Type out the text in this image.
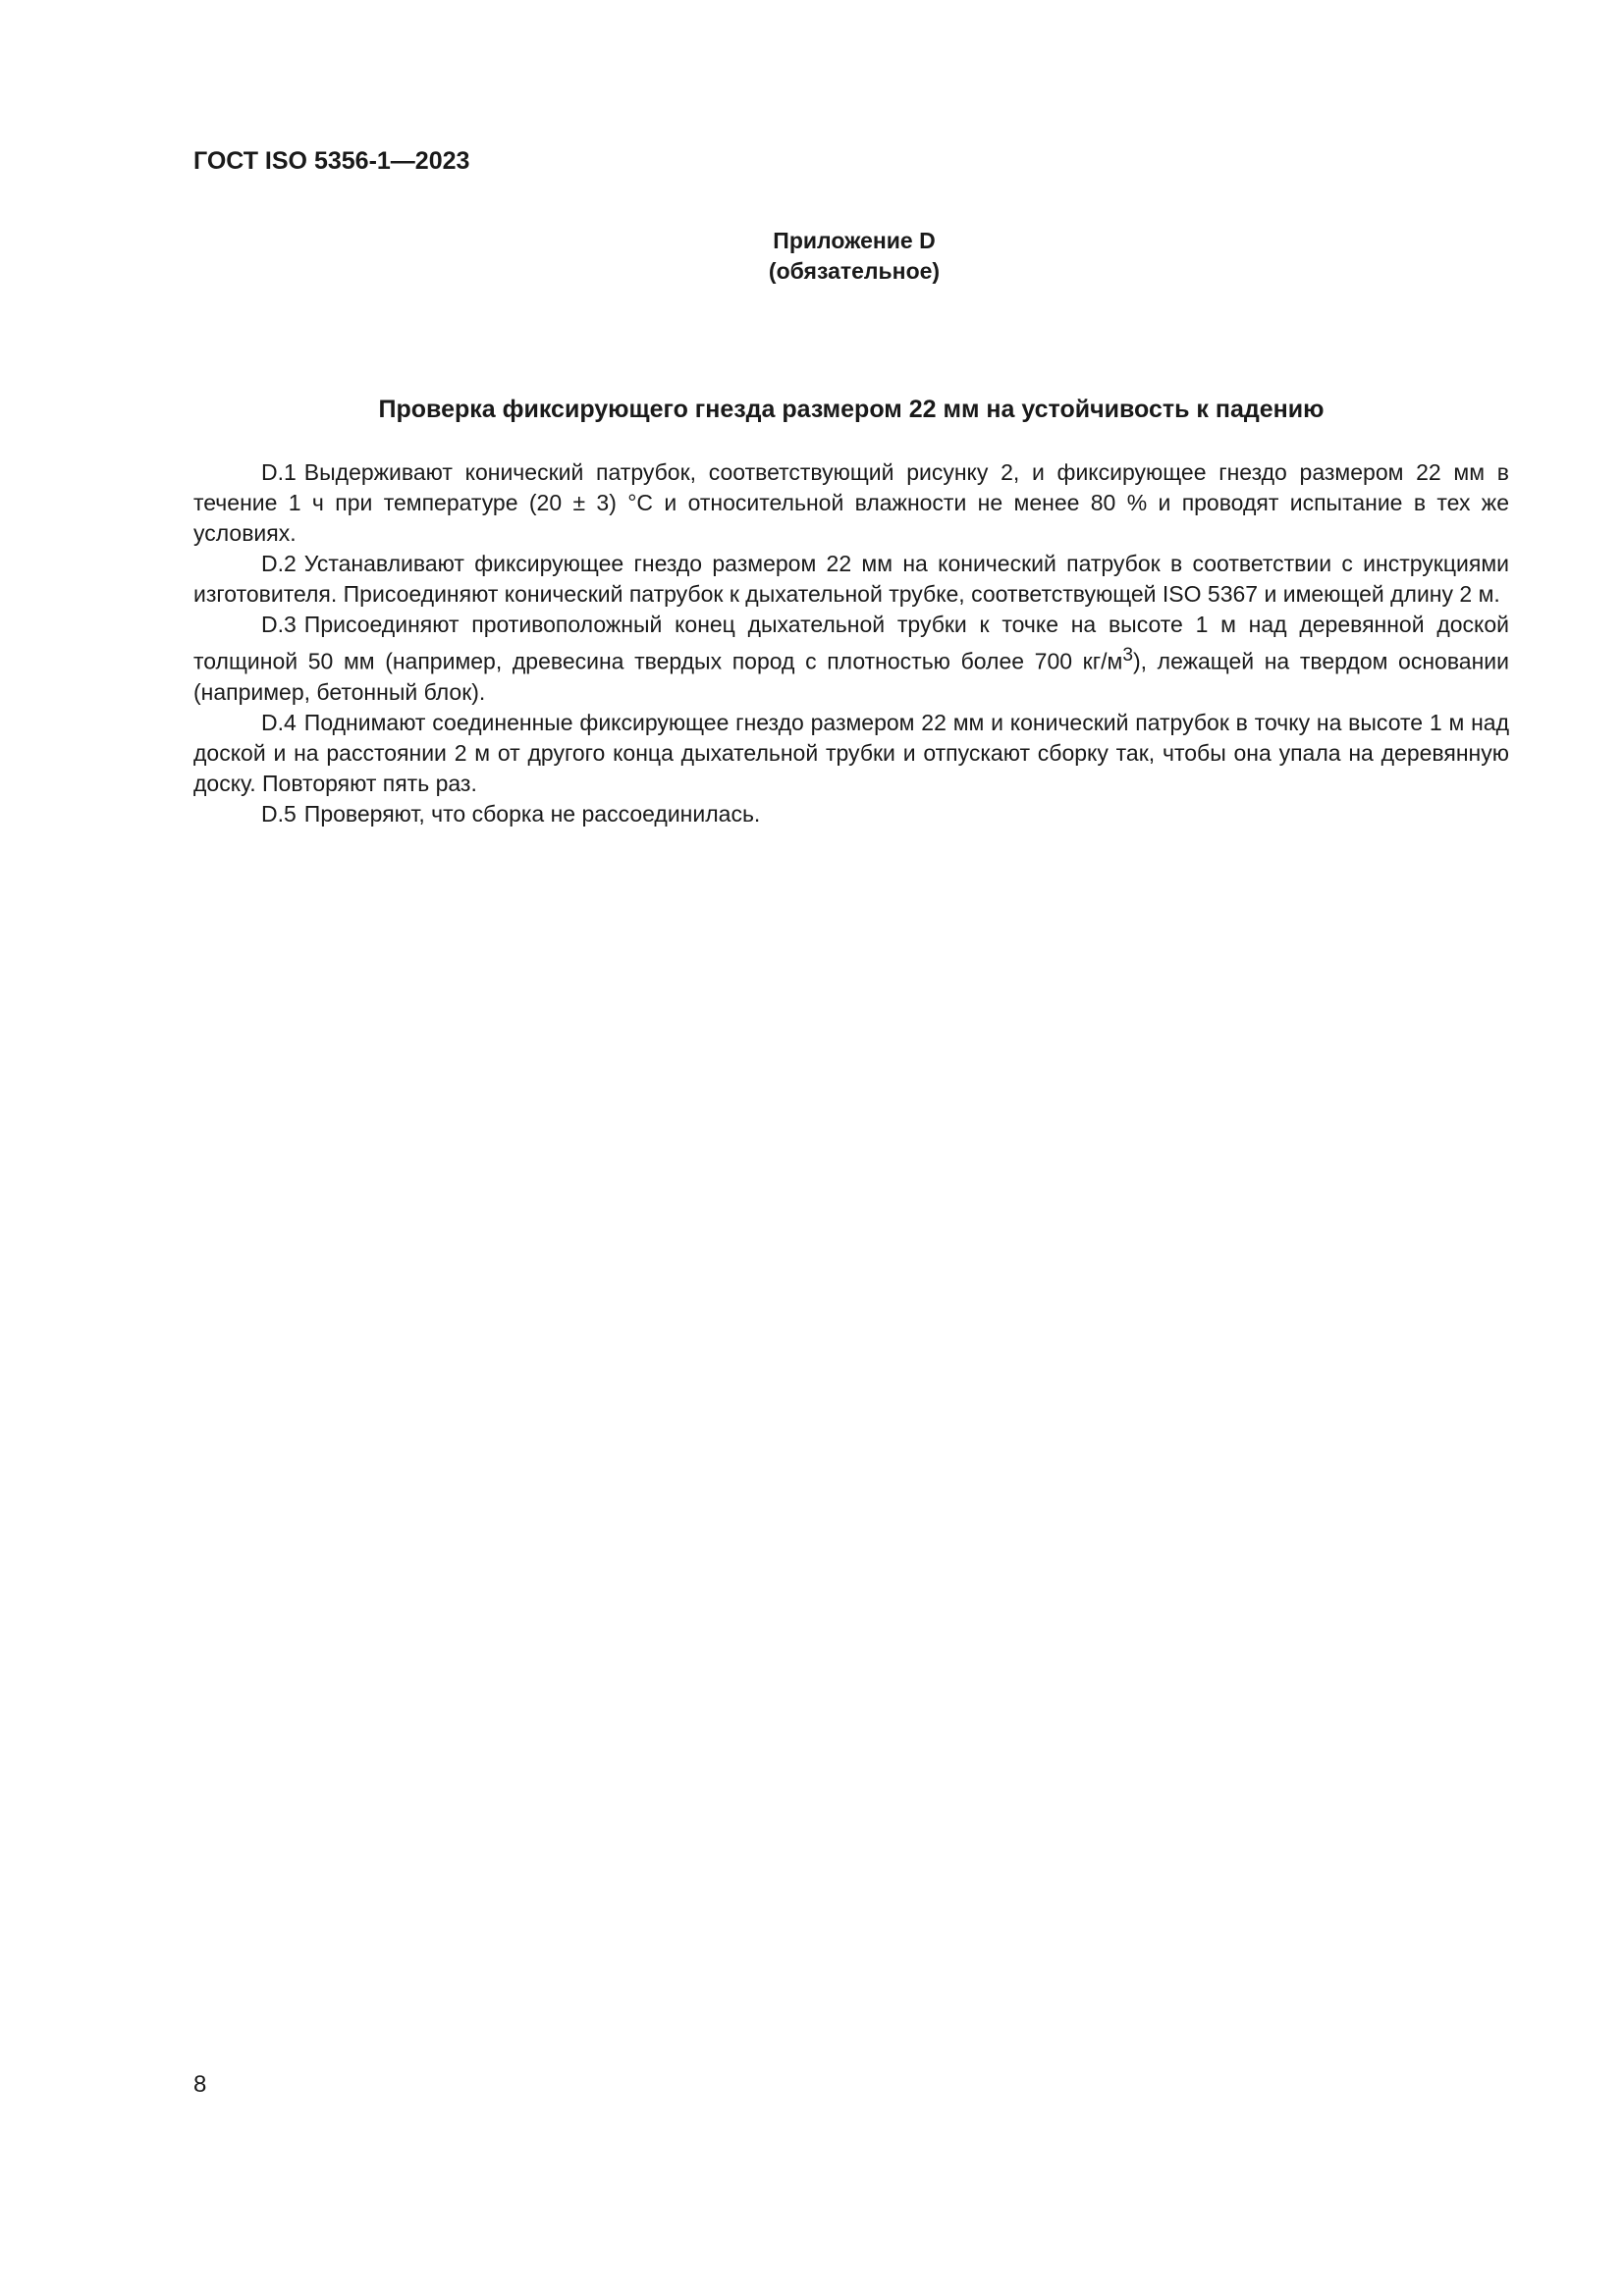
ГОСТ ISO 5356-1—2023
Приложение D
(обязательное)
Проверка фиксирующего гнезда размером 22 мм на устойчивость к падению

D.1 Выдерживают конический патрубок, соответствующий рисунку 2, и фиксирующее гнездо размером 22 мм в течение 1 ч при температуре (20 ± 3) °С и относительной влажности не менее 80 % и проводят испытание в тех же условиях.

D.2 Устанавливают фиксирующее гнездо размером 22 мм на конический патрубок в соответствии с инструкциями изготовителя. Присоединяют конический патрубок к дыхательной трубке, соответствующей ISO 5367 и имеющей длину 2 м.

D.3 Присоединяют противоположный конец дыхательной трубки к точке на высоте 1 м над деревянной доской толщиной 50 мм (например, древесина твердых пород с плотностью более 700 $кг/м^3$), лежащей на твердом основании (например, бетонный блок).

D.4 Поднимают соединенные фиксирующее гнездо размером 22 мм и конический патрубок в точку на высоте 1 м над доской и на расстоянии 2 м от другого конца дыхательной трубки и отпускают сборку так, чтобы она упала на деревянную доску. Повторяют пять раз.

D.5 Проверяют, что сборка не рассоединилась.

8
